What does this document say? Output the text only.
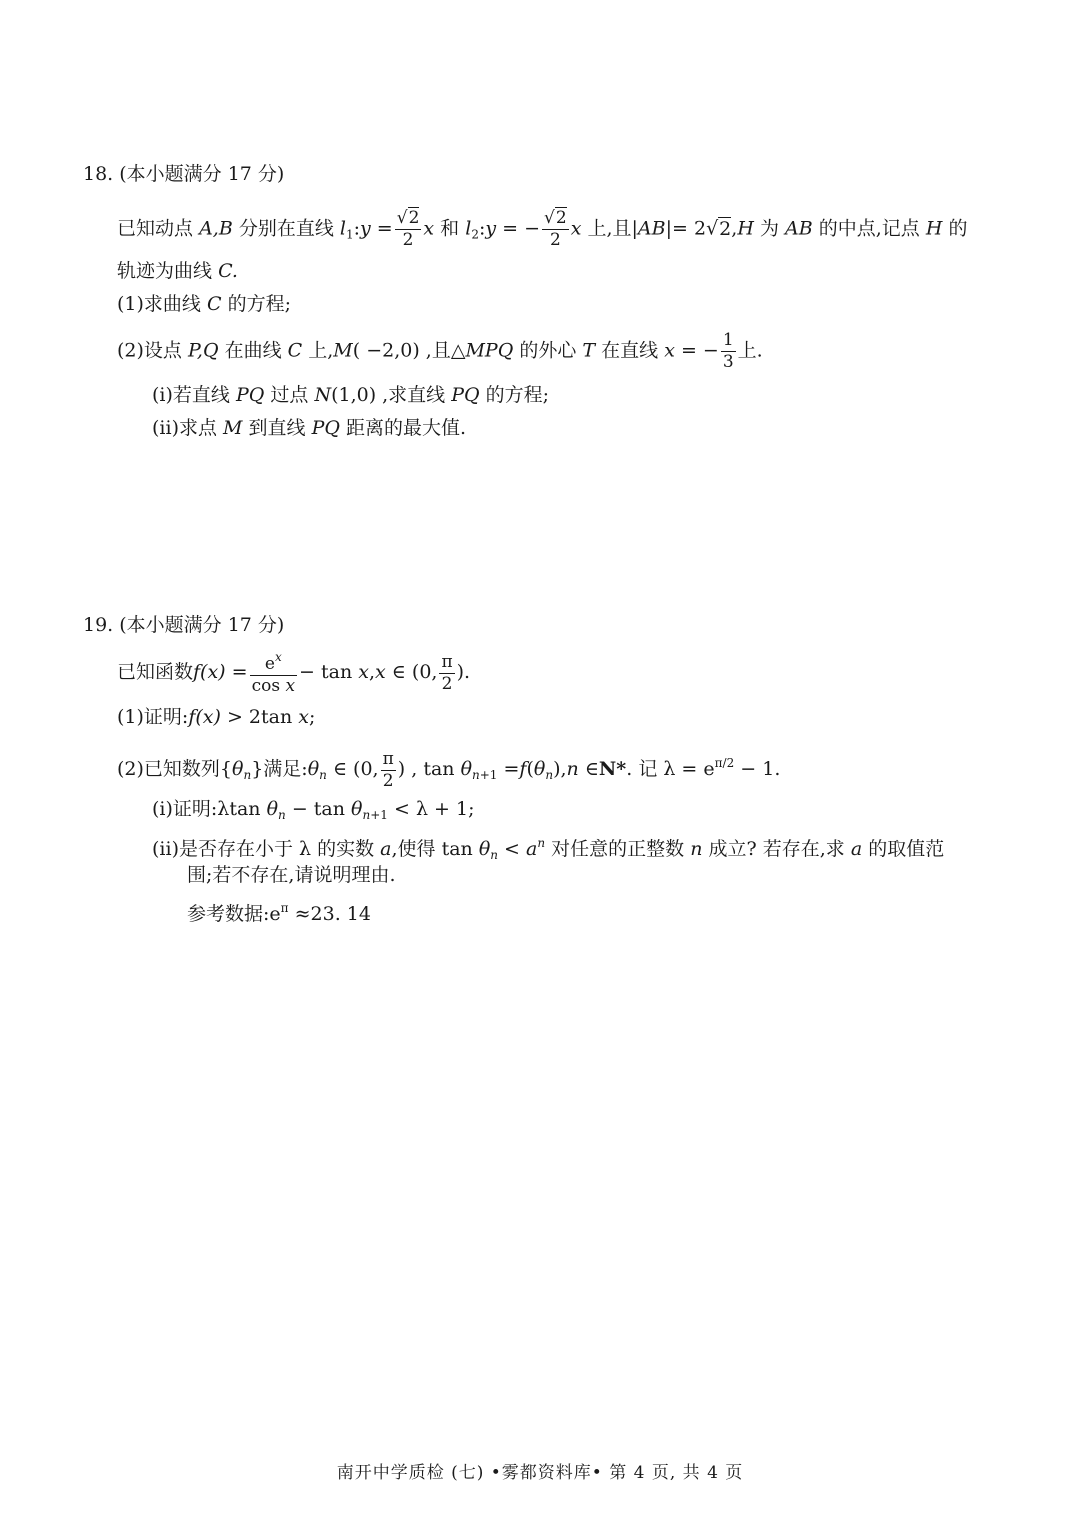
18. (本小题满分 17 分)
已知动点 A,B 分别在直线 $l_1:y = \frac{√2}{2}$ x 和 $l_2:y$ = − $\frac{√2}{2}$ x 上,且|AB|= 2√2,H 为 AB 的中点,记点 H 的
轨迹为曲线 C.
(1)求曲线 C 的方程;
(2)设点 P,Q 在曲线 C 上,M( −2,0) ,且△MPQ 的外心 T 在直线 x = − $\frac{1}{3}$ 上.
(i)若直线 PQ 过点 N(1,0) ,求直线 PQ 的方程;
(ii)求点 M 到直线 PQ 距离的最大值.
19. (本小题满分 17 分)
已知函数$f(x) = \frac{e^x}{\text{cos x}} - \tan x,x$ ∈ (0, $\frac{\pi}{2}$ ).
(1)证明:f(x) > 2tan x;
(2)已知数列$\{\theta_n\}$满足$:\theta_n$ ∈ (0, $\frac{\pi}{2}$ ) , $\tan \theta_{n+1} =f(\theta_n),n$ ∈N*. 记 $\lambda = e^{\pi/2} - 1$.
(i)证明:λtan $\theta_n - \tan \theta_{n+1} < \lambda + 1$;
(ii)是否存在小于 λ 的实数 a,使得 $\tan \theta_n < a^n$ 对任意的正整数 n 成立? 若存在,求 a 的取值范
围;若不存在,请说明理由.
参考数据$:e^\pi \approx 23$. 14
南开中学质检 (七) •雾都资料库• 第 4 页, 共 4 页
